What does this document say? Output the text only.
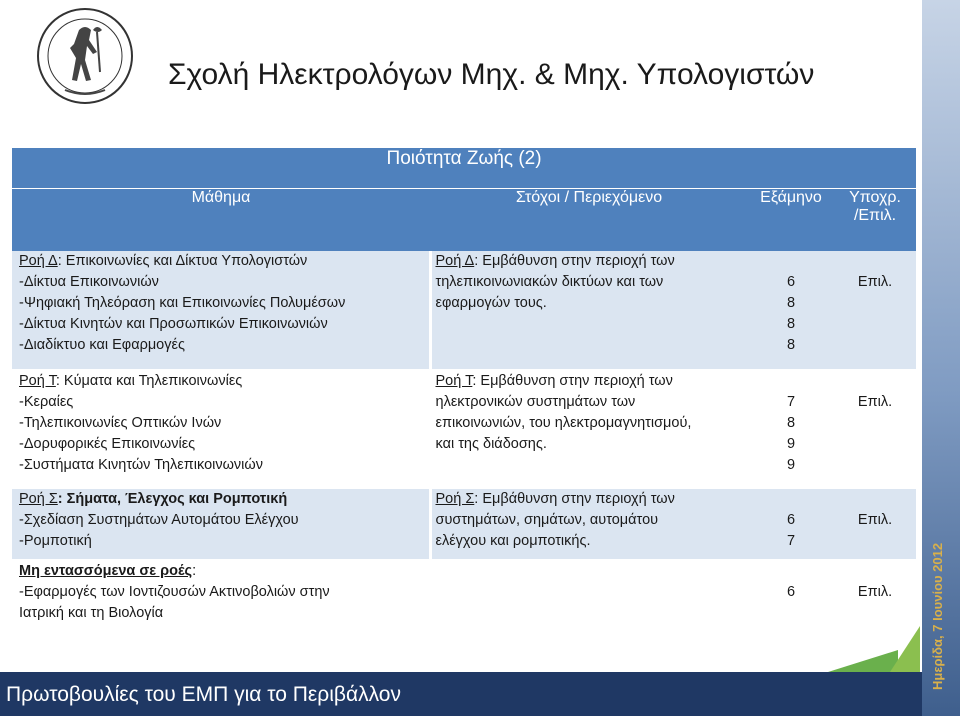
Σχολή Ηλεκτρολόγων Μηχ. & Μηχ. Υπολογιστών
Ποιότητα Ζωής (2)			
Μάθημα	Στόχοι / Περιεχόμενο	Εξάμηνο	Υποχρ.
/Επιλ.

Ροή Δ: Επικοινωνίες και Δίκτυα Υπολογιστών
-Δίκτυα Επικοινωνιών
-Ψηφιακή Τηλεόραση και Επικοινωνίες Πολυμέσων
-Δίκτυα Κινητών και Προσωπικών Επικοινωνιών
-Διαδίκτυο και Εφαρμογές	Ροή Δ: Εμβάθυνση στην περιοχή των
τηλεπικοινωνιακών δικτύων και των
εφαρμογών τους.	6
8
8
8	Επιλ.

Ροή Τ: Κύματα και Τηλεπικοινωνίες
-Κεραίες
-Τηλεπικοινωνίες Οπτικών Ινών
-Δορυφορικές Επικοινωνίες
-Συστήματα Κινητών Τηλεπικοινωνιών	Ροή Τ: Εμβάθυνση στην περιοχή των
ηλεκτρονικών συστημάτων των
επικοινωνιών, του ηλεκτρομαγνητισμού,
και της διάδοσης.	7
8
9
9	Επιλ.

Ροή Σ: Σήματα, Έλεγχος και Ρομποτική
-Σχεδίαση Συστημάτων Αυτομάτου Ελέγχου
-Ρομποτική	Ροή Σ: Εμβάθυνση στην περιοχή των
συστημάτων, σημάτων, αυτομάτου
ελέγχου και ρομποτικής.	6
7	Επιλ.

Μη εντασσόμενα σε ροές:
-Εφαρμογές των Ιοντιζουσών Ακτινοβολιών στην
Ιατρική και τη Βιολογία		6	Επιλ.
Πρωτοβουλίες του ΕΜΠ για το Περιβάλλον
Ημερίδα, 7 Ιουνίου 2012
